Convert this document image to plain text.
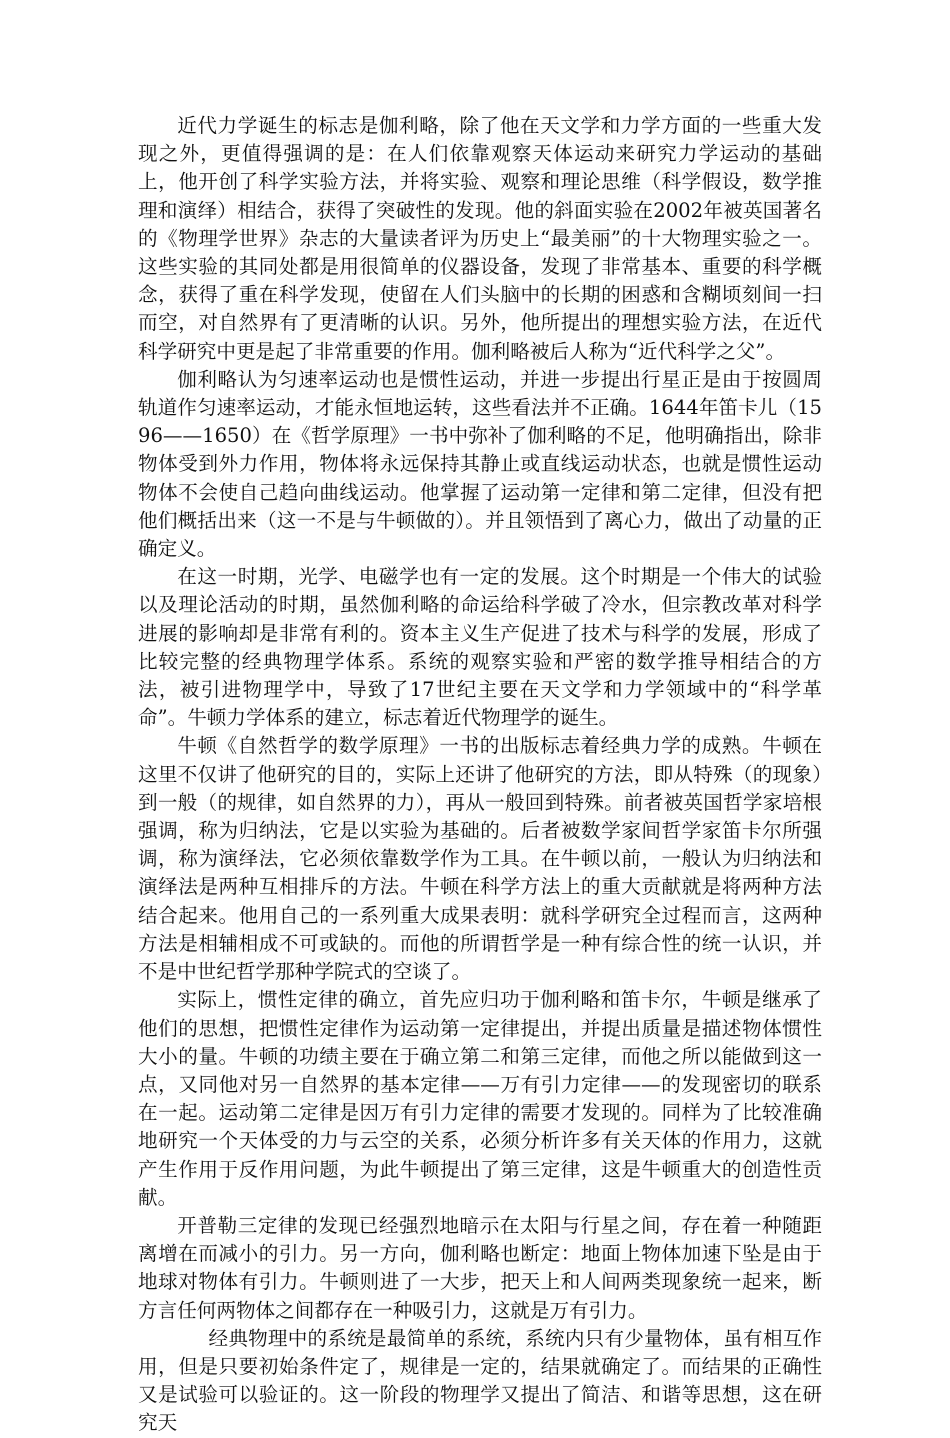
近代力学诞生的标志是伽利略，除了他在天文学和力学方面的一些重大发现之外，更值得强调的是：在人们依靠观察天体运动来研究力学运动的基础上，他开创了科学实验方法，并将实验、观察和理论思维（科学假设，数学推理和演绎）相结合，获得了突破性的发现。他的斜面实验在2002年被英国著名的《物理学世界》杂志的大量读者评为历史上“最美丽”的十大物理实验之一。这些实验的其同处都是用很简单的仪器设备，发现了非常基本、重要的科学概念，获得了重在科学发现，使留在人们头脑中的长期的困惑和含糊顷刻间一扫而空，对自然界有了更清晰的认识。另外，他所提出的理想实验方法，在近代科学研究中更是起了非常重要的作用。伽利略被后人称为“近代科学之父”。

伽利略认为匀速率运动也是惯性运动，并进一步提出行星正是由于按圆周轨道作匀速率运动，才能永恒地运转，这些看法并不正确。1644年笛卡儿（1596——1650）在《哲学原理》一书中弥补了伽利略的不足，他明确指出，除非物体受到外力作用，物体将永远保持其静止或直线运动状态，也就是惯性运动物体不会使自己趋向曲线运动。他掌握了运动第一定律和第二定律，但没有把他们概括出来（这一不是与牛顿做的）。并且领悟到了离心力，做出了动量的正确定义。

在这一时期，光学、电磁学也有一定的发展。这个时期是一个伟大的试验以及理论活动的时期，虽然伽利略的命运给科学破了冷水，但宗教改革对科学进展的影响却是非常有利的。资本主义生产促进了技术与科学的发展，形成了比较完整的经典物理学体系。系统的观察实验和严密的数学推导相结合的方法，被引进物理学中，导致了17世纪主要在天文学和力学领域中的“科学革命”。牛顿力学体系的建立，标志着近代物理学的诞生。

牛顿《自然哲学的数学原理》一书的出版标志着经典力学的成熟。牛顿在这里不仅讲了他研究的目的，实际上还讲了他研究的方法，即从特殊（的现象）到一般（的规律，如自然界的力），再从一般回到特殊。前者被英国哲学家培根强调，称为归纳法，它是以实验为基础的。后者被数学家间哲学家笛卡尔所强调，称为演绎法，它必须依靠数学作为工具。在牛顿以前，一般认为归纳法和演绎法是两种互相排斥的方法。牛顿在科学方法上的重大贡献就是将两种方法结合起来。他用自己的一系列重大成果表明：就科学研究全过程而言，这两种方法是相辅相成不可或缺的。而他的所谓哲学是一种有综合性的统一认识，并不是中世纪哲学那种学院式的空谈了。

实际上，惯性定律的确立，首先应归功于伽利略和笛卡尔，牛顿是继承了他们的思想，把惯性定律作为运动第一定律提出，并提出质量是描述物体惯性大小的量。牛顿的功绩主要在于确立第二和第三定律，而他之所以能做到这一点，又同他对另一自然界的基本定律——万有引力定律——的发现密切的联系在一起。运动第二定律是因万有引力定律的需要才发现的。同样为了比较准确地研究一个天体受的力与云空的关系，必须分析许多有关天体的作用力，这就产生作用于反作用问题，为此牛顿提出了第三定律，这是牛顿重大的创造性贡献。

开普勒三定律的发现已经强烈地暗示在太阳与行星之间，存在着一种随距离增在而减小的引力。另一方向，伽利略也断定：地面上物体加速下坠是由于地球对物体有引力。牛顿则进了一大步，把天上和人间两类现象统一起来，断方言任何两物体之间都存在一种吸引力，这就是万有引力。

经典物理中的系统是最简单的系统，系统内只有少量物体，虽有相互作用，但是只要初始条件定了，规律是一定的，结果就确定了。而结果的正确性又是试验可以验证的。这一阶段的物理学又提出了简洁、和谐等思想，这在研究天
